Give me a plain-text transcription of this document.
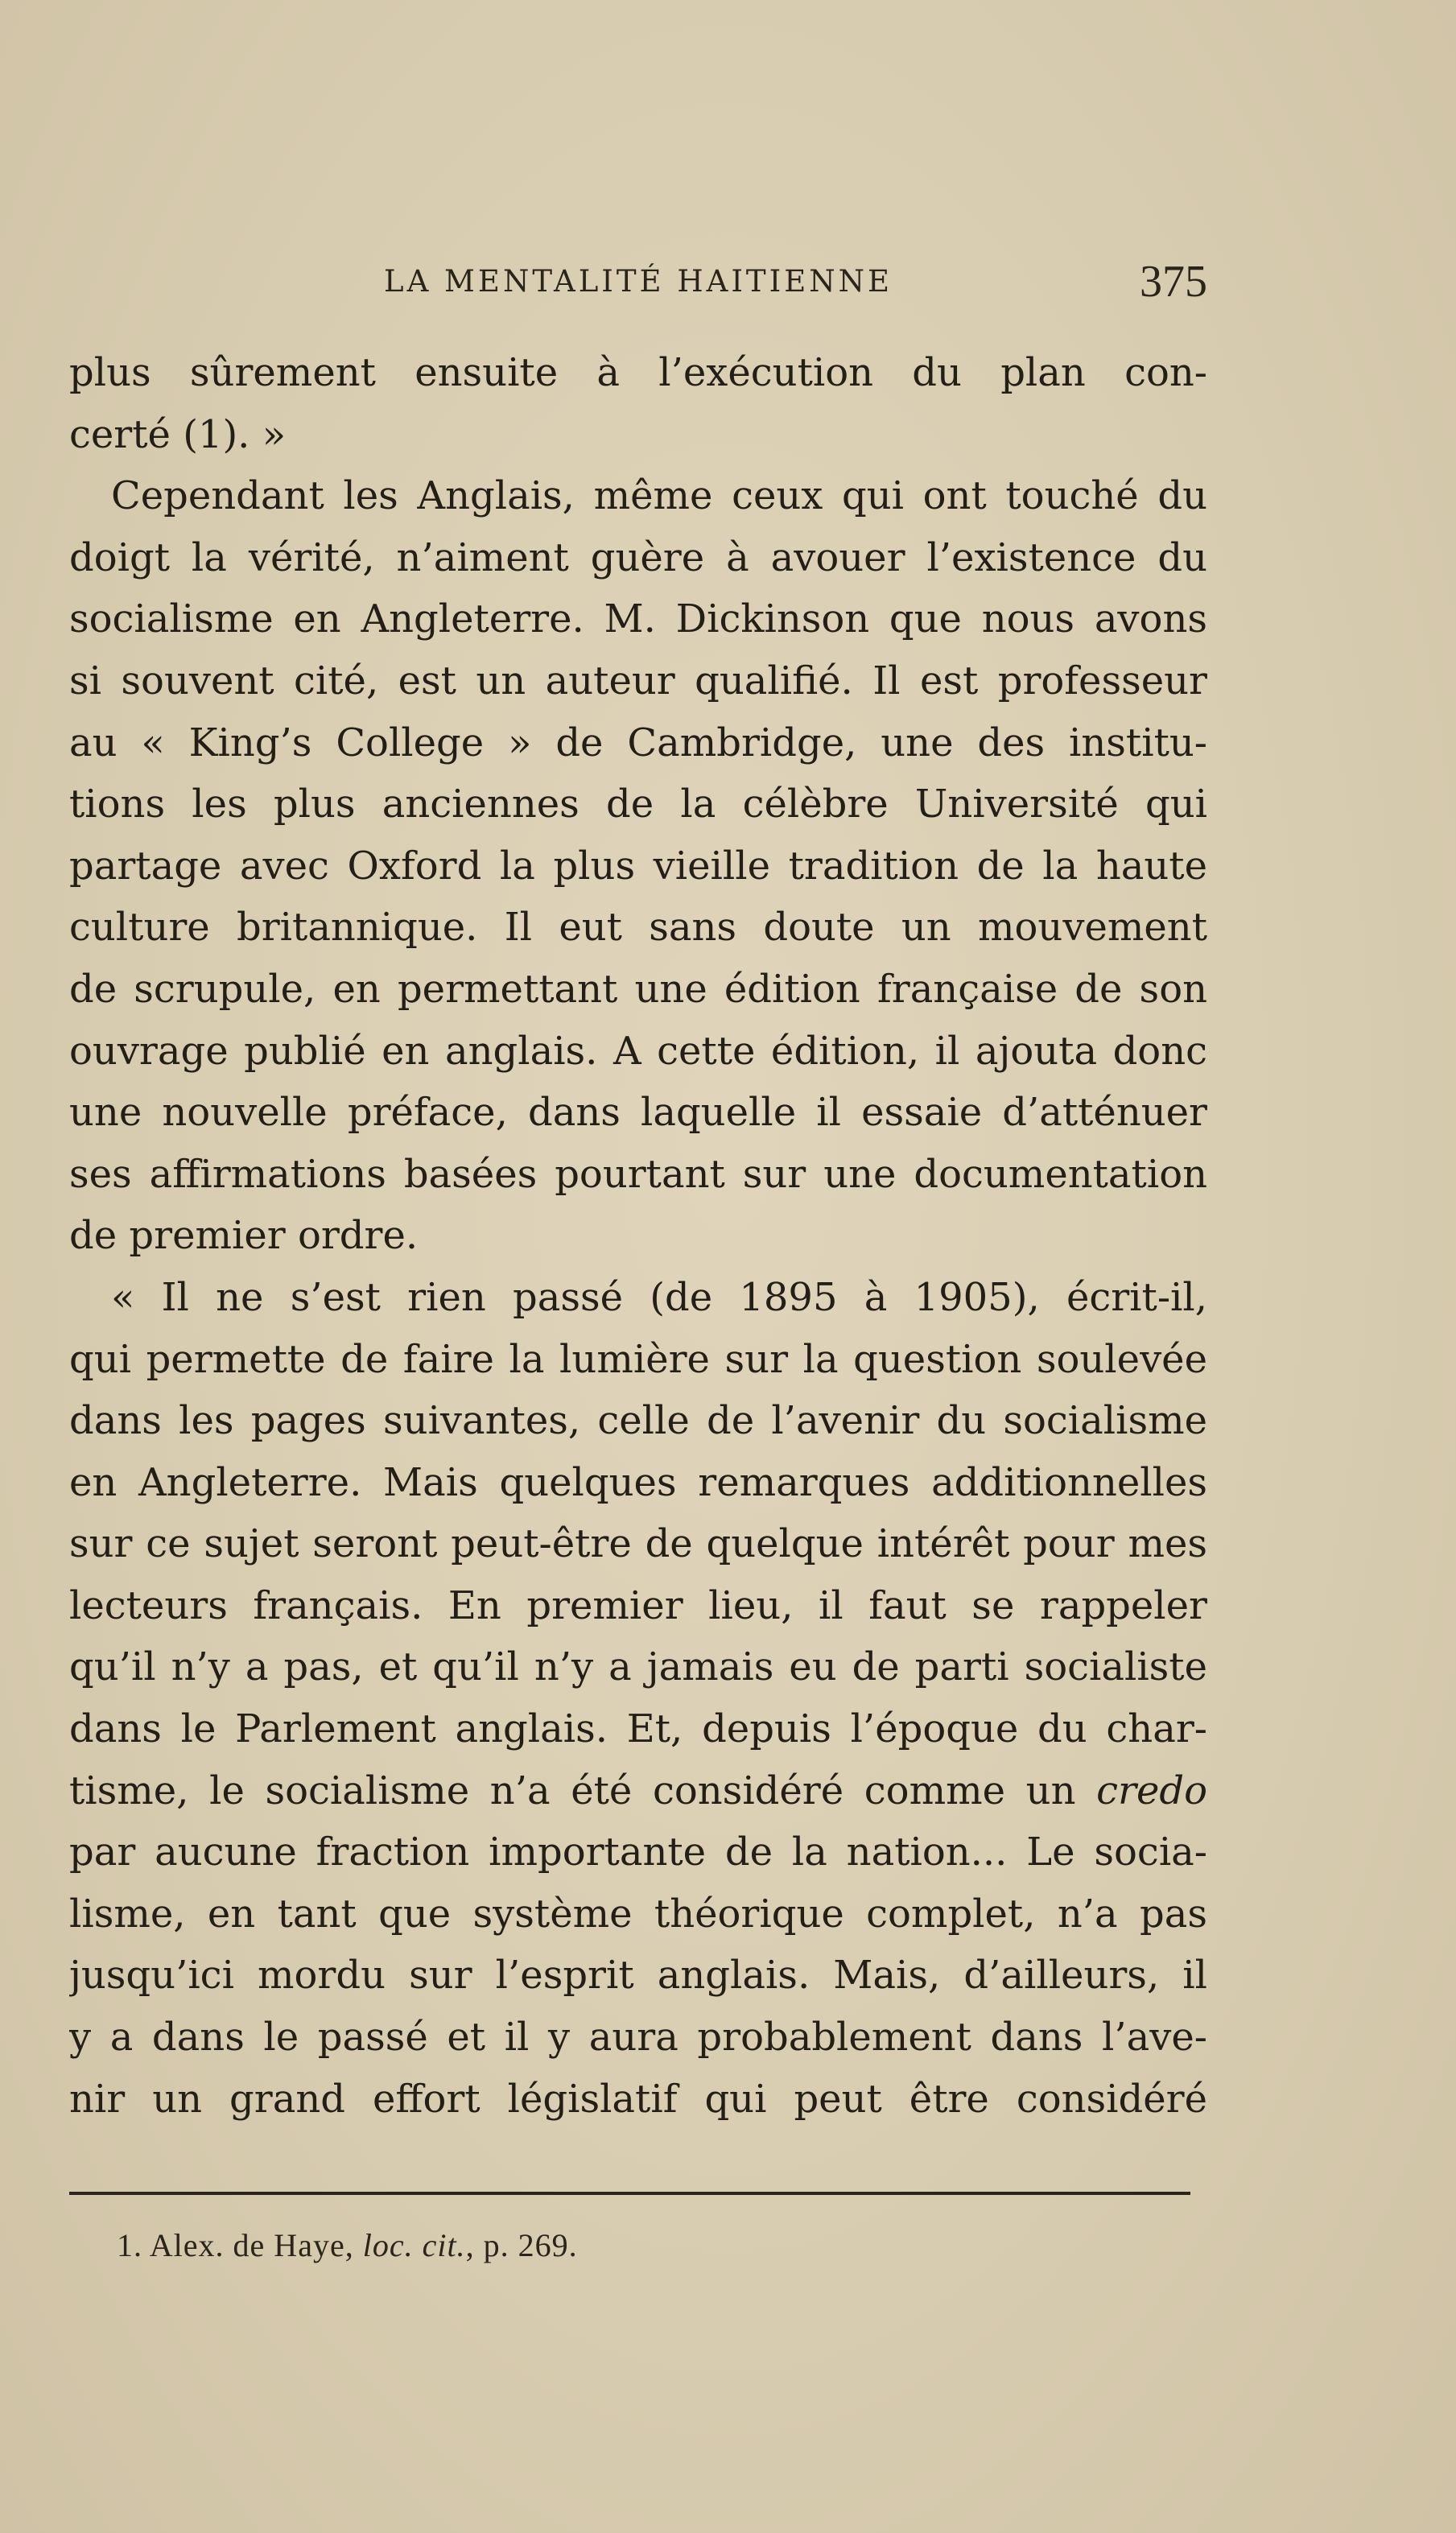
LA MENTALITÉ HAITIENNE	375
plus sûrement ensuite à l’exécution du plan con-
certé (1). »
Cependant les Anglais, même ceux qui ont touché du
doigt la vérité, n’aiment guère à avouer l’existence du
socialisme en Angleterre. M. Dickinson que nous avons
si souvent cité, est un auteur qualifié. Il est professeur
au « King’s College » de Cambridge, une des institu-
tions les plus anciennes de la célèbre Université qui
partage avec Oxford la plus vieille tradition de la haute
culture britannique. Il eut sans doute un mouvement
de scrupule, en permettant une édition française de son
ouvrage publié en anglais. A cette édition, il ajouta donc
une nouvelle préface, dans laquelle il essaie d’atténuer
ses affirmations basées pourtant sur une documentation
de premier ordre.
« Il ne s’est rien passé (de 1895 à 1905), écrit-il,
qui permette de faire la lumière sur la question soulevée
dans les pages suivantes, celle de l’avenir du socialisme
en Angleterre. Mais quelques remarques additionnelles
sur ce sujet seront peut-être de quelque intérêt pour mes
lecteurs français. En premier lieu, il faut se rappeler
qu’il n’y a pas, et qu’il n’y a jamais eu de parti socialiste
dans le Parlement anglais. Et, depuis l’époque du char-
tisme, le socialisme n’a été considéré comme un credo
par aucune fraction importante de la nation... Le socia-
lisme, en tant que système théorique complet, n’a pas
jusqu’ici mordu sur l’esprit anglais. Mais, d’ailleurs, il
y a dans le passé et il y aura probablement dans l’ave-
nir un grand effort législatif qui peut être considéré
1. Alex. de Haye, loc. cit., p. 269.
